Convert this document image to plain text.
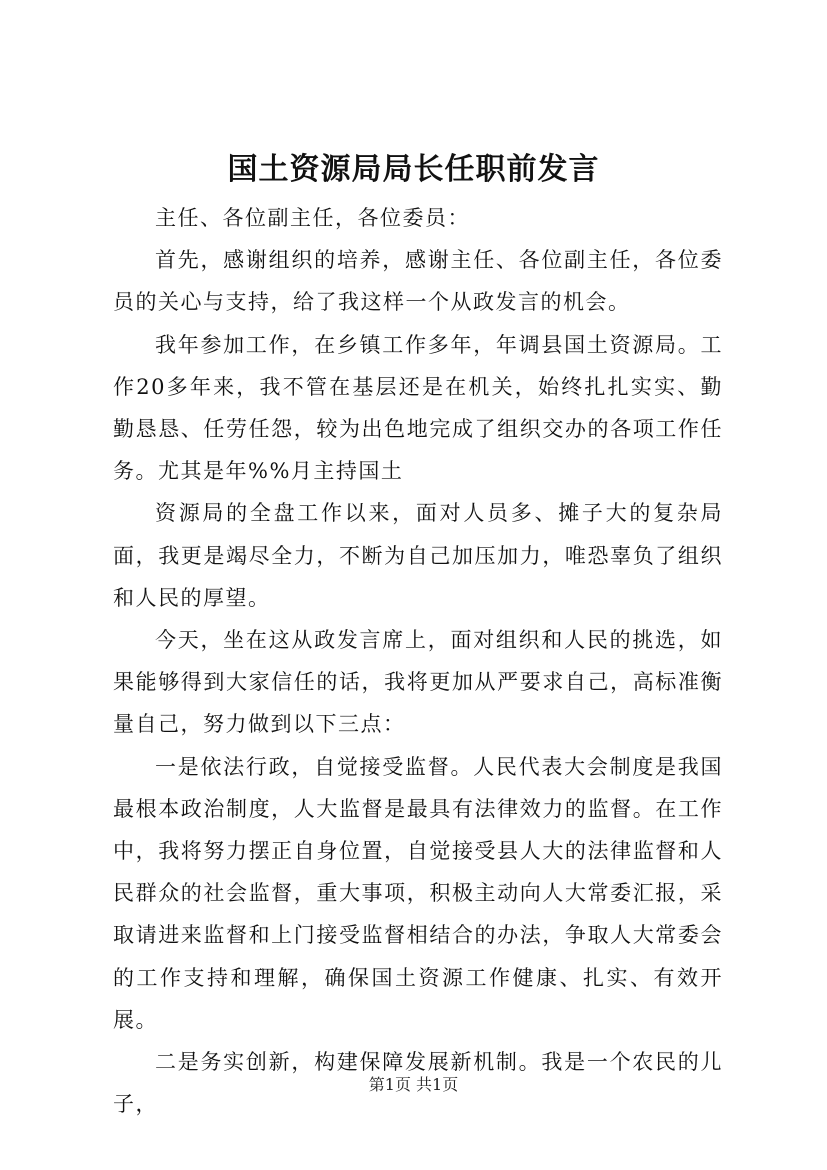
国土资源局局长任职前发言

主任、各位副主任，各位委员：

首先，感谢组织的培养，感谢主任、各位副主任，各位委员的关心与支持，给了我这样一个从政发言的机会。

我年参加工作，在乡镇工作多年，年调县国土资源局。工作20多年来，我不管在基层还是在机关，始终扎扎实实、勤勤恳恳、任劳任怨，较为出色地完成了组织交办的各项工作任务。尤其是年%%月主持国土

资源局的全盘工作以来，面对人员多、摊子大的复杂局面，我更是竭尽全力，不断为自己加压加力，唯恐辜负了组织和人民的厚望。

今天，坐在这从政发言席上，面对组织和人民的挑选，如果能够得到大家信任的话，我将更加从严要求自己，高标准衡量自己，努力做到以下三点：

一是依法行政，自觉接受监督。人民代表大会制度是我国最根本政治制度，人大监督是最具有法律效力的监督。在工作中，我将努力摆正自身位置，自觉接受县人大的法律监督和人民群众的社会监督，重大事项，积极主动向人大常委汇报，采取请进来监督和上门接受监督相结合的办法，争取人大常委会的工作支持和理解，确保国土资源工作健康、扎实、有效开展。

二是务实创新，构建保障发展新机制。我是一个农民的儿子，

第1页 共1页
